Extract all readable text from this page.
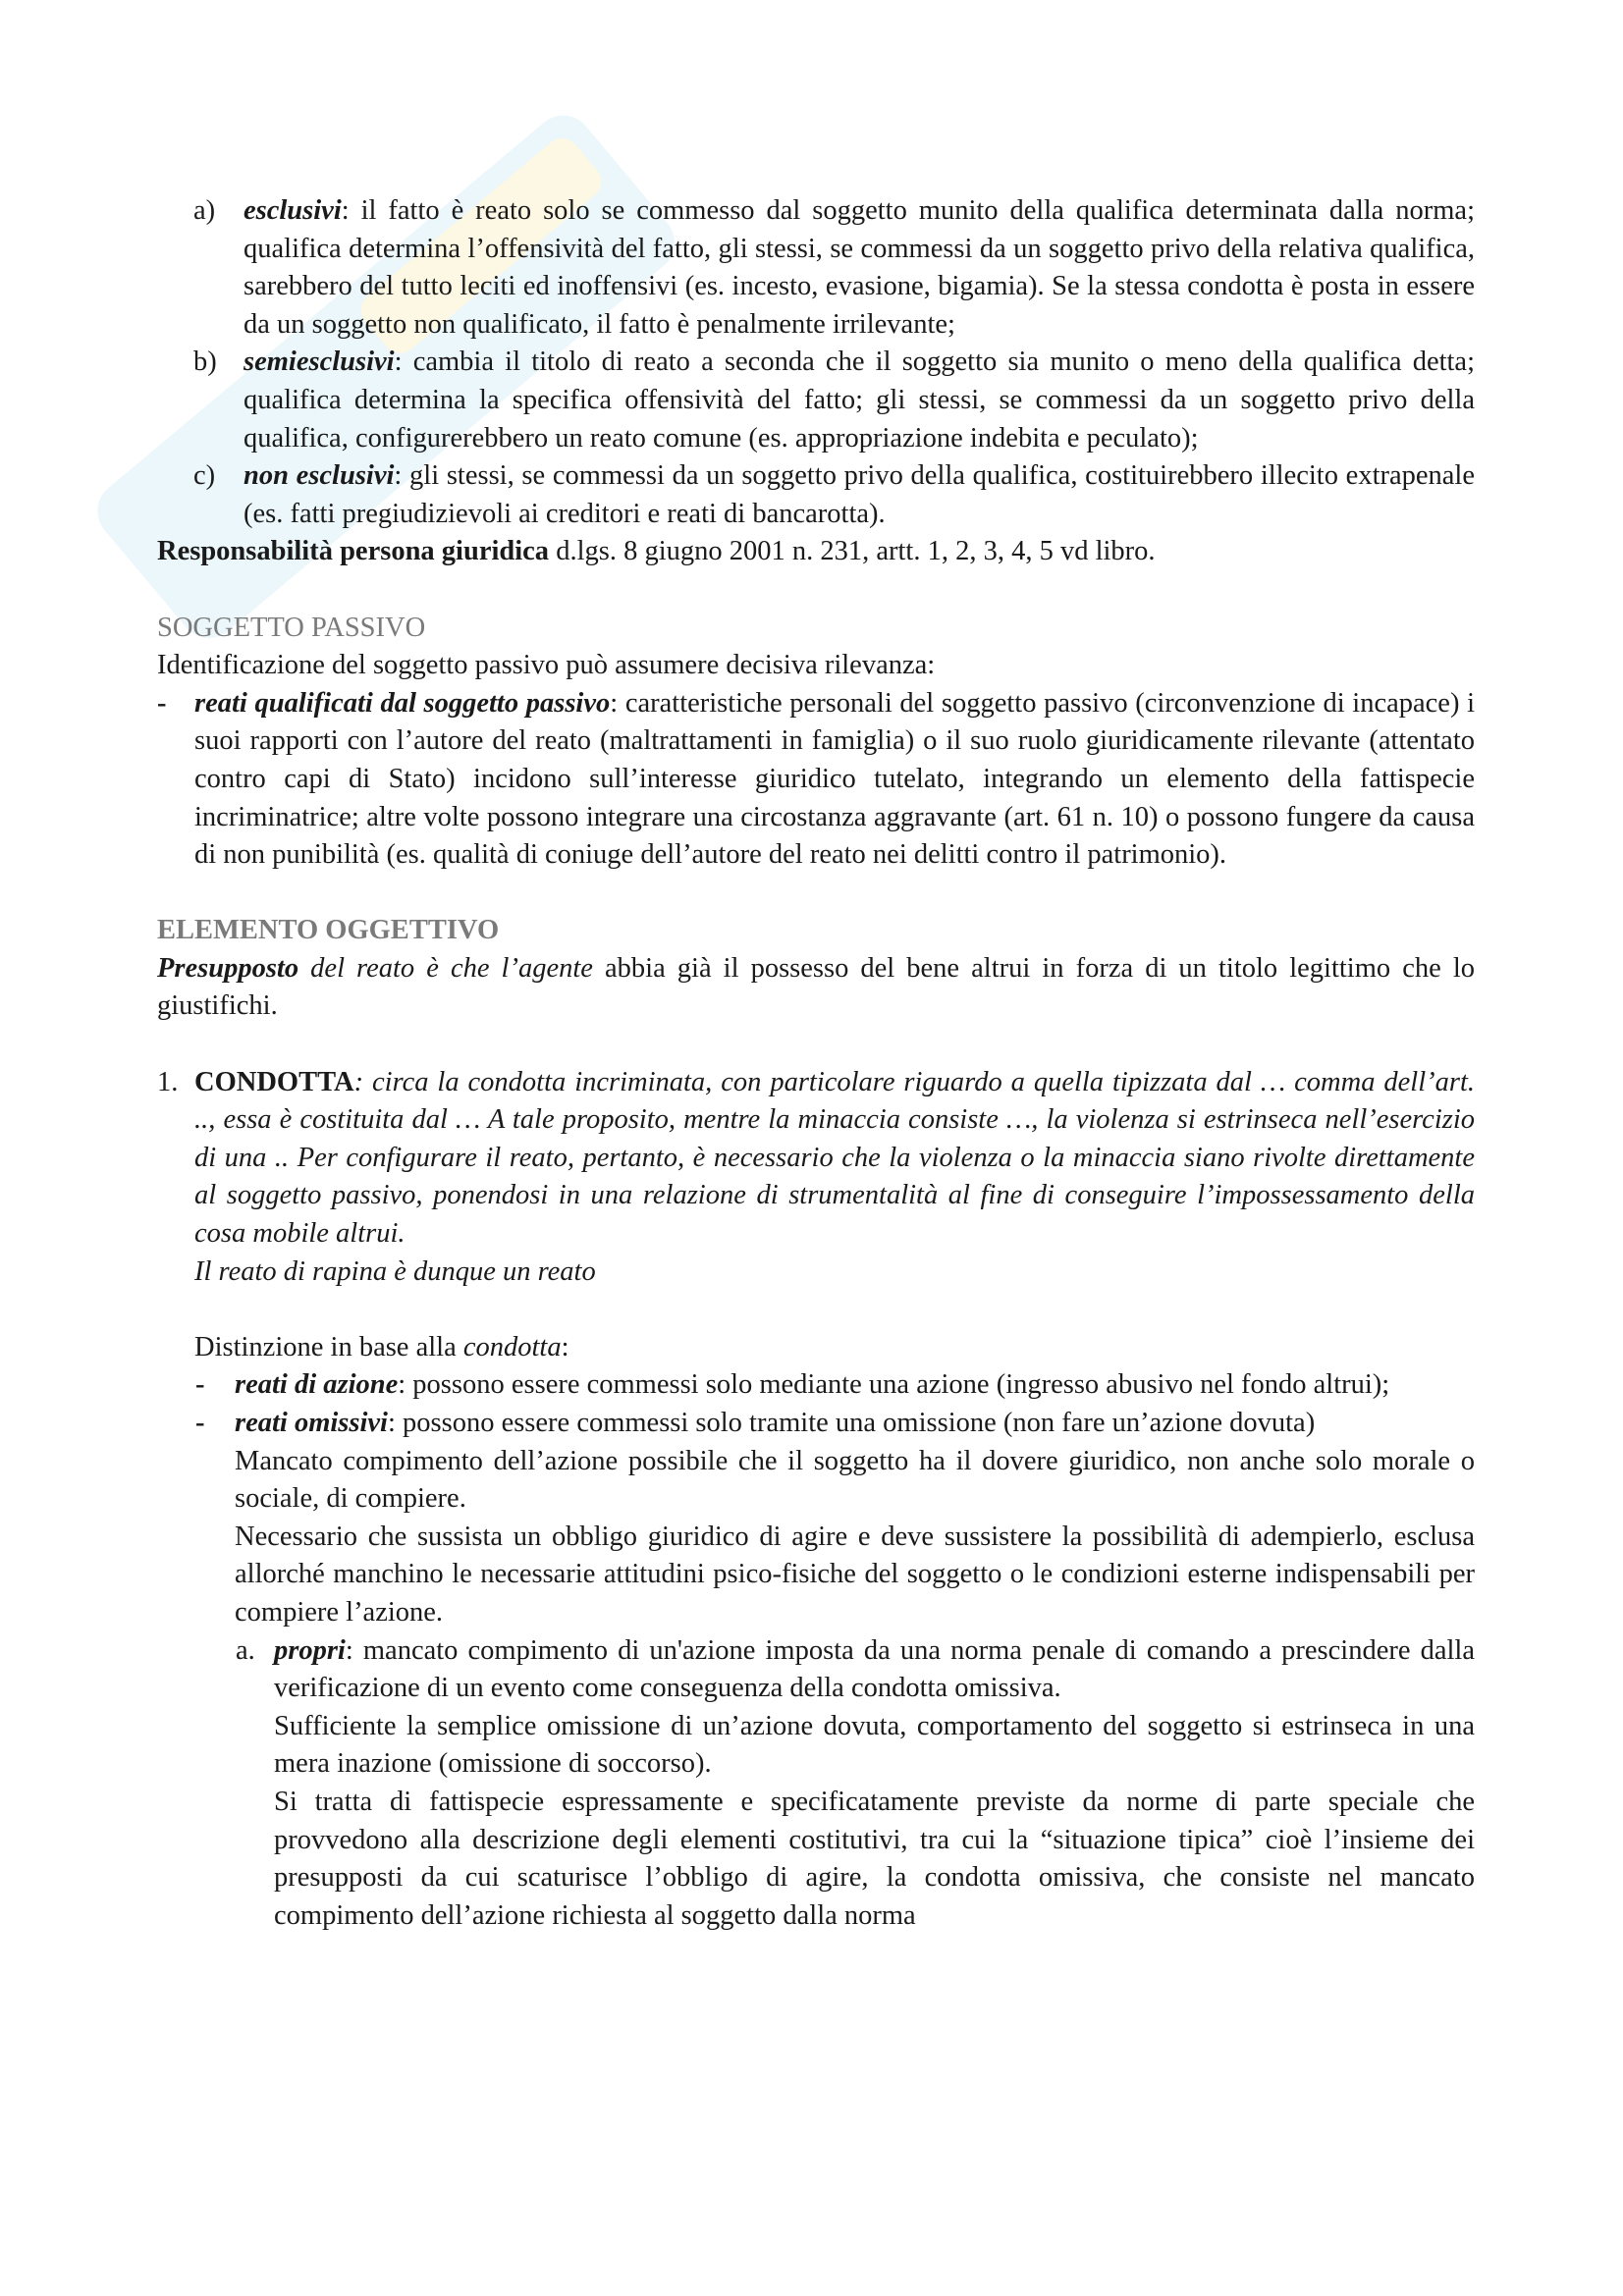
a) esclusivi: il fatto è reato solo se commesso dal soggetto munito della qualifica determinata dalla norma; qualifica determina l’offensività del fatto, gli stessi, se commessi da un soggetto privo della relativa qualifica, sarebbero del tutto leciti ed inoffensivi (es. incesto, evasione, bigamia). Se la stessa condotta è posta in essere da un soggetto non qualificato, il fatto è penalmente irrilevante;

b) semiesclusivi: cambia il titolo di reato a seconda che il soggetto sia munito o meno della qualifica detta; qualifica determina la specifica offensività del fatto; gli stessi, se commessi da un soggetto privo della qualifica, configurerebbero un reato comune (es. appropriazione indebita e peculato);

c) non esclusivi: gli stessi, se commessi da un soggetto privo della qualifica, costituirebbero illecito extrapenale (es. fatti pregiudizievoli ai creditori e reati di bancarotta).

Responsabilità persona giuridica d.lgs. 8 giugno 2001 n. 231, artt. 1, 2, 3, 4, 5 vd libro.

SOGGETTO PASSIVO

Identificazione del soggetto passivo può assumere decisiva rilevanza:

- reati qualificati dal soggetto passivo: caratteristiche personali del soggetto passivo (circonvenzione di incapace) i suoi rapporti con l’autore del reato (maltrattamenti in famiglia) o il suo ruolo giuridicamente rilevante (attentato contro capi di Stato) incidono sull’interesse giuridico tutelato, integrando un elemento della fattispecie incriminatrice; altre volte possono integrare una circostanza aggravante (art. 61 n. 10) o possono fungere da causa di non punibilità (es. qualità di coniuge dell’autore del reato nei delitti contro il patrimonio).

ELEMENTO OGGETTIVO

Presupposto del reato è che l’agente abbia già il possesso del bene altrui in forza di un titolo legittimo che lo giustifichi.

1. CONDOTTA: circa la condotta incriminata, con particolare riguardo a quella tipizzata dal … comma dell’art. .., essa è costituita dal … A tale proposito, mentre la minaccia consiste …, la violenza si estrinseca nell’esercizio di una .. Per configurare il reato, pertanto, è necessario che la violenza o la minaccia siano rivolte direttamente al soggetto passivo, ponendosi in una relazione di strumentalità al fine di conseguire l’impossessamento della cosa mobile altrui.

Il reato di rapina è dunque un reato

Distinzione in base alla condotta:

- reati di azione: possono essere commessi solo mediante una azione (ingresso abusivo nel fondo altrui);

- reati omissivi: possono essere commessi solo tramite una omissione (non fare un’azione dovuta)

Mancato compimento dell’azione possibile che il soggetto ha il dovere giuridico, non anche solo morale o sociale, di compiere.

Necessario che sussista un obbligo giuridico di agire e deve sussistere la possibilità di adempierlo, esclusa allorché manchino le necessarie attitudini psico-fisiche del soggetto o le condizioni esterne indispensabili per compiere l’azione.

a. propri: mancato compimento di un'azione imposta da una norma penale di comando a prescindere dalla verificazione di un evento come conseguenza della condotta omissiva.

Sufficiente la semplice omissione di un’azione dovuta, comportamento del soggetto si estrinseca in una mera inazione (omissione di soccorso).

Si tratta di fattispecie espressamente e specificatamente previste da norme di parte speciale che provvedono alla descrizione degli elementi costitutivi, tra cui la “situazione tipica” cioè l’insieme dei presupposti da cui scaturisce l’obbligo di agire, la condotta omissiva, che consiste nel mancato compimento dell’azione richiesta al soggetto dalla norma
